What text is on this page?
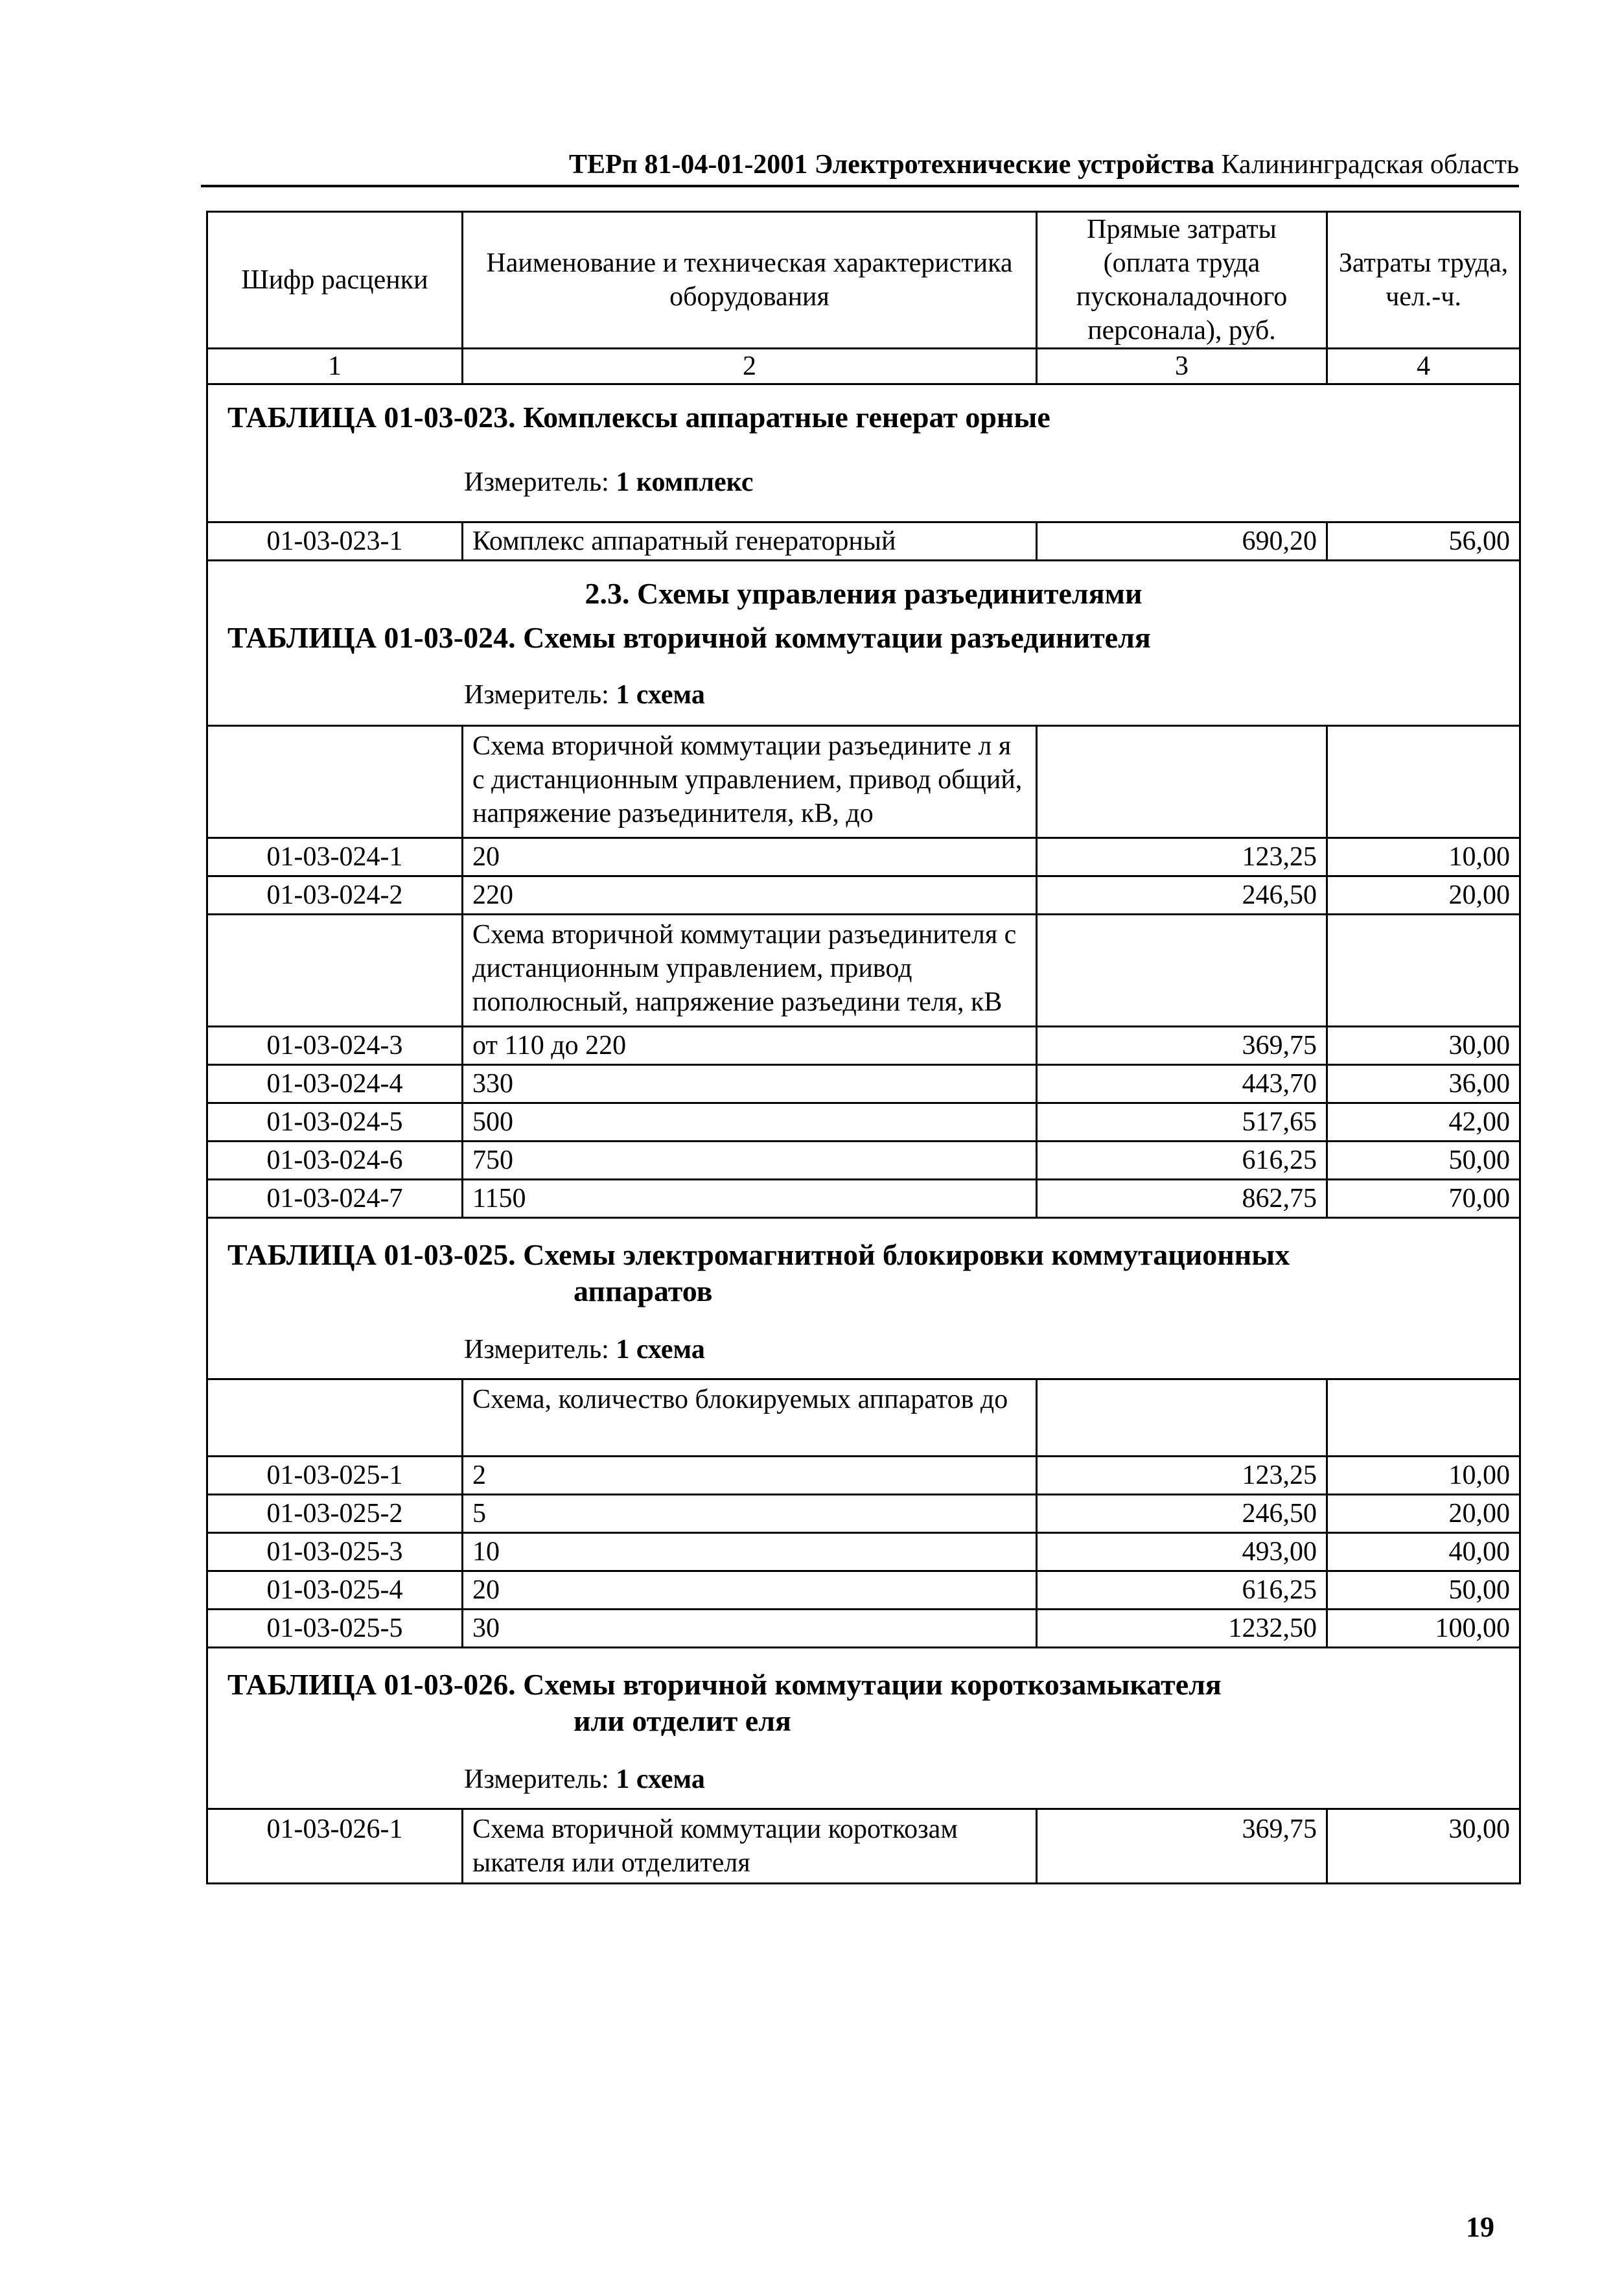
ТЕРп 81-04-01-2001 Электротехнические устройства Калининградская область
Шифр расценки	Наименование и техническая характеристика оборудования	Прямые затраты (оплата труда пусконаладочного персонала), руб.	Затраты труда, чел.-ч.
1	2	3	4

ТАБЛИЦА 01-03-023. Комплексы аппаратные генерат орные
Измеритель: 1 комплекс			

01-03-023-1	Комплекс аппаратный генераторный	690,20	56,00

2.3. Схемы управления разъединителями
ТАБЛИЦА 01-03-024. Схемы вторичной коммутации разъединителя
Измеритель: 1 схема			

	Схема вторичной коммутации разъедините л я с дистанционным управлением, привод общий, напряжение разъединителя, кВ, до		
01-03-024-1	20	123,25	10,00
01-03-024-2	220	246,50	20,00
	Схема вторичной коммутации разъединителя с дистанционным управлением, привод пополюсный, напряжение разъедини теля, кВ		
01-03-024-3	от 110 до 220	369,75	30,00
01-03-024-4	330	443,70	36,00
01-03-024-5	500	517,65	42,00
01-03-024-6	750	616,25	50,00
01-03-024-7	1150	862,75	70,00

ТАБЛИЦА 01-03-025. Схемы электромагнитной блокировки коммутационных
аппаратов
Измеритель: 1 схема			

	Схема, количество блокируемых аппаратов до		
01-03-025-1	2	123,25	10,00
01-03-025-2	5	246,50	20,00
01-03-025-3	10	493,00	40,00
01-03-025-4	20	616,25	50,00
01-03-025-5	30	1232,50	100,00

ТАБЛИЦА 01-03-026. Схемы вторичной коммутации короткозамыкателя
или отделит еля
Измеритель: 1 схема			

01-03-026-1	Схема вторичной коммутации короткозам ыкателя или отделителя	369,75	30,00
19
